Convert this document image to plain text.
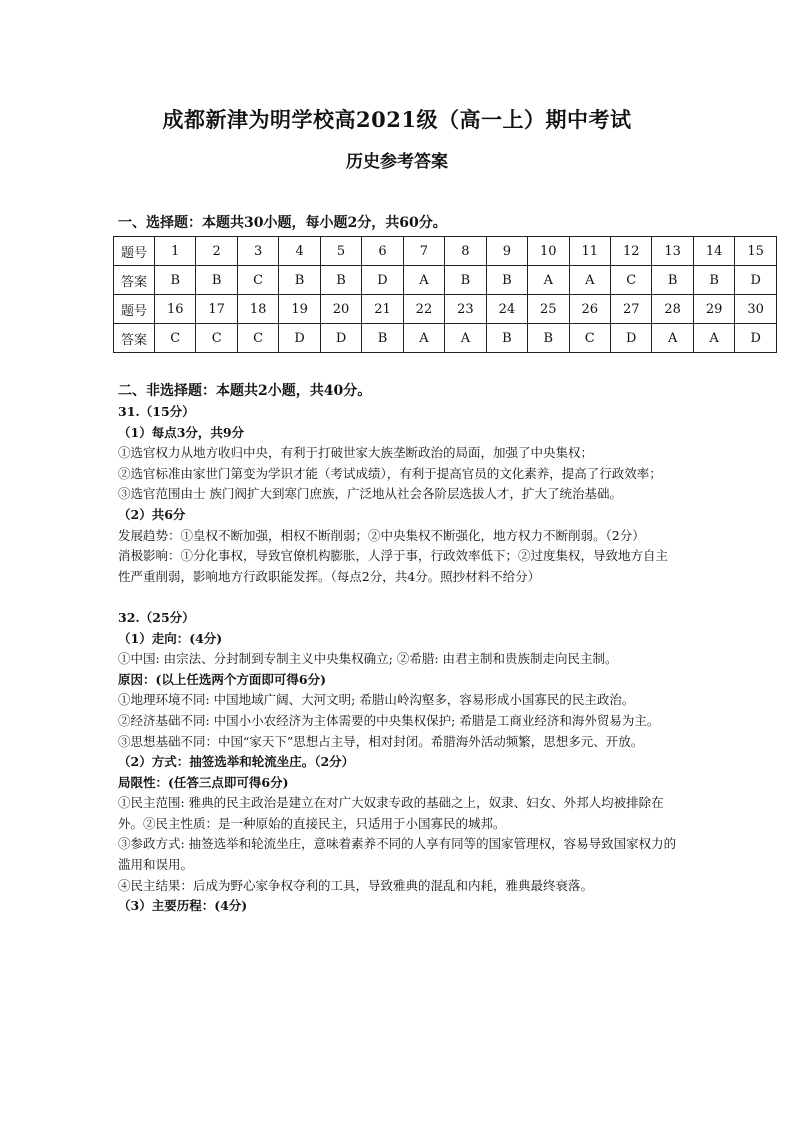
成都新津为明学校高2021级（高一上）期中考试
历史参考答案
一、选择题：本题共30小题，每小题2分，共60分。
题号	1	2	3	4	5	6	7	8	9	10	11	12	13	14	15
答案	B	B	C	B	B	D	A	B	B	A	A	C	B	B	D
题号	16	17	18	19	20	21	22	23	24	25	26	27	28	29	30
答案	C	C	C	D	D	B	A	A	B	B	C	D	A	A	D
二、非选择题：本题共2小题，共40分。

31.（15分）

（1）每点3分，共9分

①选官权力从地方收归中央，有利于打破世家大族垄断政治的局面，加强了中央集权；

②选官标准由家世门第变为学识才能（考试成绩），有利于提高官员的文化素养，提高了行政效率；

③选官范围由士 族门阀扩大到寒门庶族，广泛地从社会各阶层选拔人才，扩大了统治基础。

（2）共6分

发展趋势：①皇权不断加强，相权不断削弱；②中央集权不断强化，地方权力不断削弱。（2分）

消极影响：①分化事权，导致官僚机构膨胀，人浮于事，行政效率低下；②过度集权，导致地方自主 性严重削弱，影响地方行政职能发挥。（每点2分，共4分。照抄材料不给分）

32.（25分）

（1）走向：(4分)

①中国: 由宗法、分封制到专制主义中央集权确立; ②希腊: 由君主制和贵族制走向民主制。

原因：(以上任选两个方面即可得6分)

①地理环境不同: 中国地域广阔、大河文明; 希腊山岭沟壑多，容易形成小国寡民的民主政治。

②经济基础不同: 中国小小农经济为主体需要的中央集权保护; 希腊是工商业经济和海外贸易为主。

③思想基础不同：中国“家天下”思想占主导，相对封闭。希腊海外活动频繁，思想多元、开放。

（2）方式：抽签选举和轮流坐庄。（2分）

局限性：(任答三点即可得6分)

①民主范围: 雅典的民主政治是建立在对广大奴隶专政的基础之上，奴隶、妇女、外邦人均被排除在外。②民主性质：是一种原始的直接民主，只适用于小国寡民的城邦。

③参政方式: 抽签选举和轮流坐庄，意味着素养不同的人享有同等的国家管理权，容易导致国家权力的滥用和误用。

④民主结果：后成为野心家争权夺利的工具，导致雅典的混乱和内耗，雅典最终衰落。

（3）主要历程：(4分)
